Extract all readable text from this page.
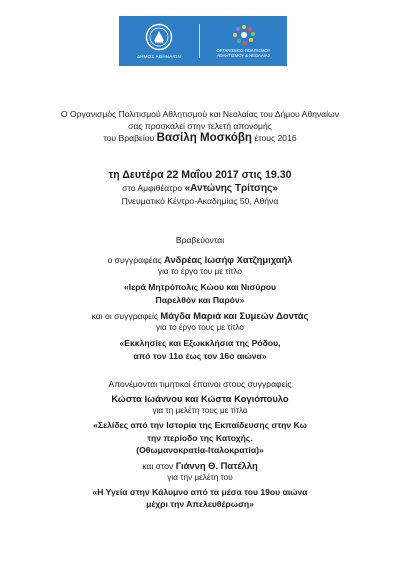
ΔΗΜΟΣ ΑΘΗΝΑΙΩΝ
ΟΡΓΑΝΙΣΜΟΣ ΠΟΛΙΤΙΣΜΟΥ
ΑΘΛΗΤΙΣΜΟΥ & ΝΕΟΛΑΙΑΣ
Ο Οργανισμός Πολιτισμού Αθλητισμού και Νεολαίας του Δήμου Αθηναίων
σας προσκαλεί στην τελετή απονομής
του Βραβείου Βασίλη Μοσκόβη έτους 2016
τη Δευτέρα 22 Μαΐου 2017 στις 19.30
στο Αμφιθέατρο «Αντώνης Τρίτσης»
Πνευματικό Κέντρο-Ακαδημίας 50, Αθήνα
Βραβεύονται
ο συγγραφέας Ανδρέας Ιωσήφ Χατζημιχαήλ
για το έργο του με τίτλο
«Ιερά Μητρόπολις Κώου και Νισύρου
Παρελθόν και Παρόν»
και οι συγγραφείς Μάγδα Μαριά και Συμεών Δοντάς
για το έργο τους με τίτλο
«Εκκλησίες και Εξωκκλήσια της Ρόδου,
από τον 11ο έως τον 16ο αιώνα»
Απονέμονται τιμητικοί έπαινοι στους συγγραφείς
Κώστα Ιωάννου και Κώστα Κογιόπουλο
για τη μελέτη τους με τίτλο
«Σελίδες από την Ιστορία της Εκπαίδευσης στην Κω
την περίοδο της Κατοχής.
(Οθωμανοκρατία-Ιταλοκρατία)»
και στον Γιάννη Θ. Πατέλλη
για την μελέτη του
«Η Υγεία στην Κάλυμνο από τα μέσα του 19ου αιώνα
μέχρι την Απελευθέρωση»
